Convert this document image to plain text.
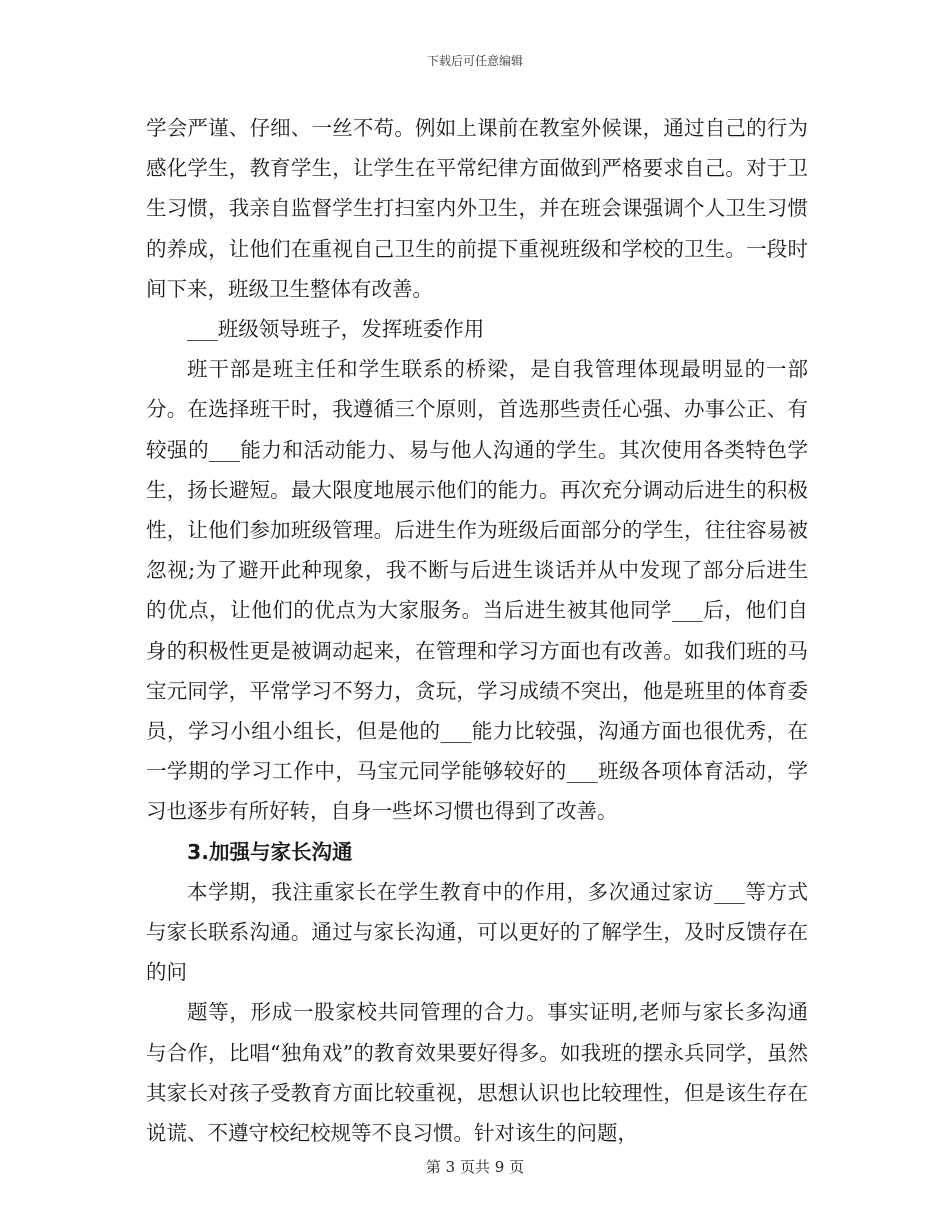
下载后可任意编辑

学会严谨、仔细、一丝不苟。例如上课前在教室外候课，通过自己的行为感化学生，教育学生，让学生在平常纪律方面做到严格要求自己。对于卫生习惯，我亲自监督学生打扫室内外卫生，并在班会课强调个人卫生习惯的养成，让他们在重视自己卫生的前提下重视班级和学校的卫生。一段时间下来，班级卫生整体有改善。

___班级领导班子，发挥班委作用

班干部是班主任和学生联系的桥梁，是自我管理体现最明显的一部分。在选择班干时，我遵循三个原则，首选那些责任心强、办事公正、有较强的___能力和活动能力、易与他人沟通的学生。其次使用各类特色学生，扬长避短。最大限度地展示他们的能力。再次充分调动后进生的积极性，让他们参加班级管理。后进生作为班级后面部分的学生，往往容易被忽视;为了避开此种现象，我不断与后进生谈话并从中发现了部分后进生的优点，让他们的优点为大家服务。当后进生被其他同学___后，他们自身的积极性更是被调动起来，在管理和学习方面也有改善。如我们班的马宝元同学，平常学习不努力，贪玩，学习成绩不突出，他是班里的体育委员，学习小组小组长，但是他的___能力比较强，沟通方面也很优秀，在一学期的学习工作中，马宝元同学能够较好的___班级各项体育活动，学习也逐步有所好转，自身一些坏习惯也得到了改善。

3.加强与家长沟通

本学期，我注重家长在学生教育中的作用，多次通过家访___等方式与家长联系沟通。通过与家长沟通，可以更好的了解学生，及时反馈存在的问

题等，形成一股家校共同管理的合力。事实证明,老师与家长多沟通与合作，比唱“独角戏”的教育效果要好得多。如我班的摆永兵同学，虽然其家长对孩子受教育方面比较重视，思想认识也比较理性，但是该生存在说谎、不遵守校纪校规等不良习惯。针对该生的问题，

第 3 页共 9 页
